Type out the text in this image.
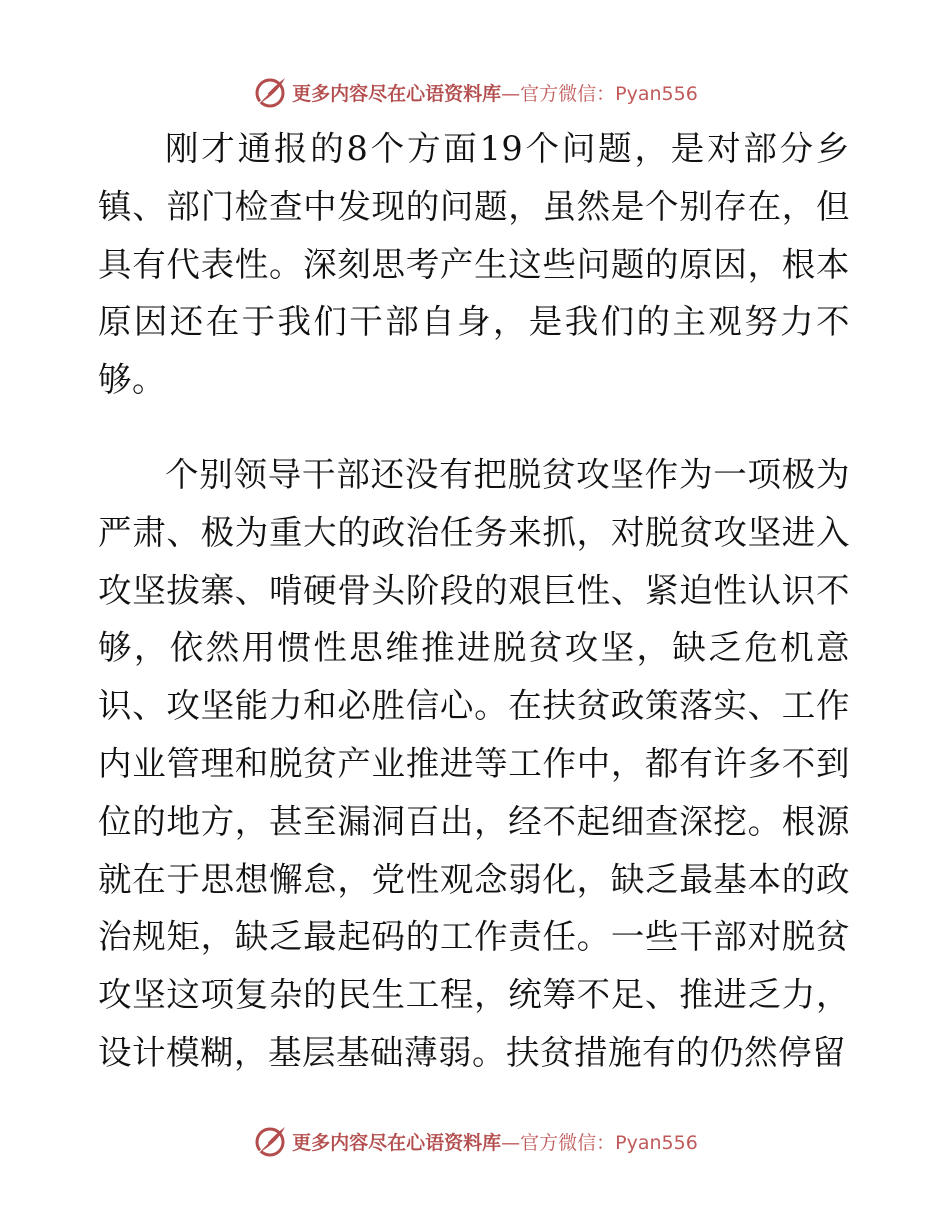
更多内容尽在心语资料库 —官方微信：Pyan556

刚才通报的8个方面19个问题，是对部分乡镇、部门检查中发现的问题，虽然是个别存在，但具有代表性。深刻思考产生这些问题的原因，根本原因还在于我们干部自身，是我们的主观努力不够。

个别领导干部还没有把脱贫攻坚作为一项极为严肃、极为重大的政治任务来抓，对脱贫攻坚进入攻坚拔寨、啃硬骨头阶段的艰巨性、紧迫性认识不够，依然用惯性思维推进脱贫攻坚，缺乏危机意识、攻坚能力和必胜信心。在扶贫政策落实、工作内业管理和脱贫产业推进等工作中，都有许多不到位的地方，甚至漏洞百出，经不起细查深挖。根源就在于思想懈怠，党性观念弱化，缺乏最基本的政治规矩，缺乏最起码的工作责任。一些干部对脱贫攻坚这项复杂的民生工程，统筹不足、推进乏力，设计模糊，基层基础薄弱。扶贫措施有的仍然停留

更多内容尽在心语资料库 —官方微信：Pyan556
